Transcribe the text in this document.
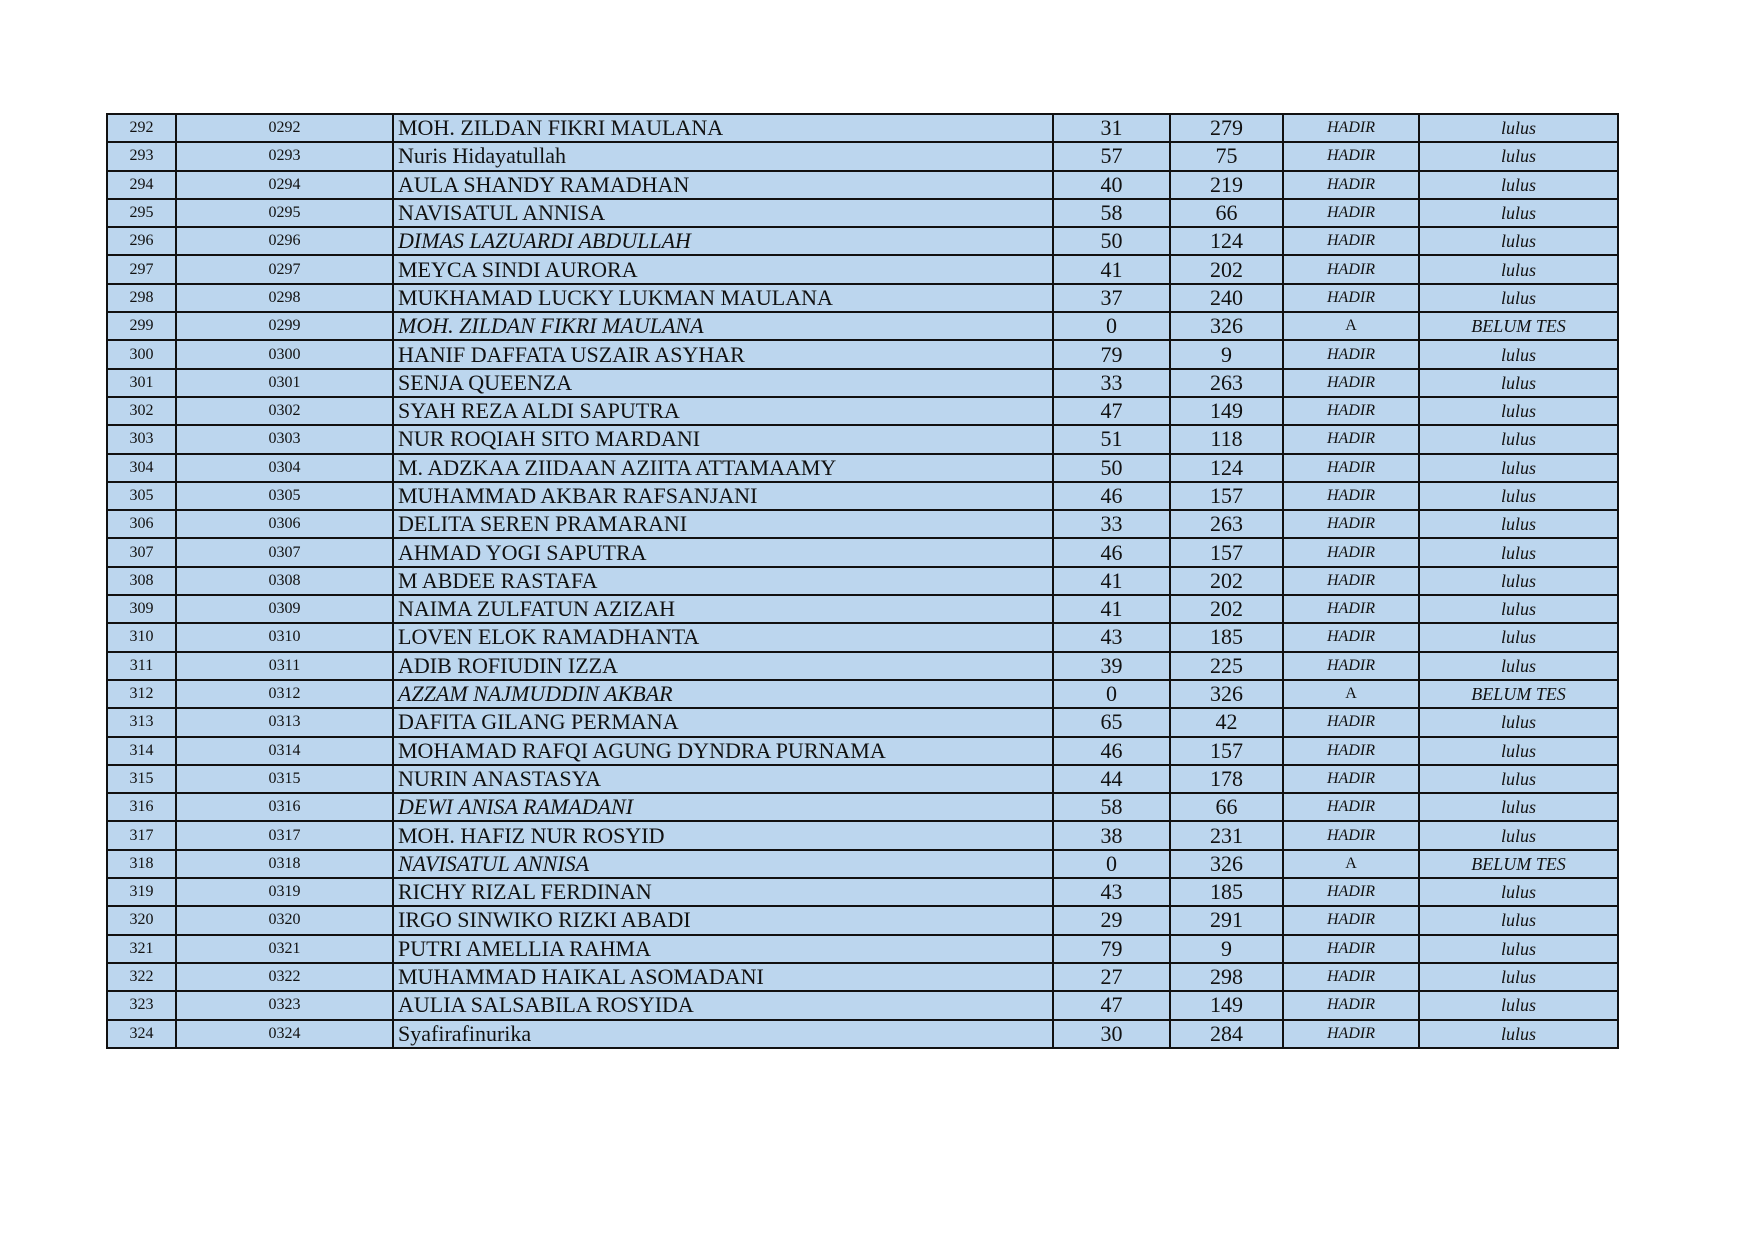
292	0292	MOH. ZILDAN FIKRI MAULANA	31	279	HADIR	lulus
293	0293	Nuris Hidayatullah	57	75	HADIR	lulus
294	0294	AULA SHANDY RAMADHAN	40	219	HADIR	lulus
295	0295	NAVISATUL ANNISA	58	66	HADIR	lulus
296	0296	DIMAS LAZUARDI ABDULLAH	50	124	HADIR	lulus
297	0297	MEYCA SINDI AURORA	41	202	HADIR	lulus
298	0298	MUKHAMAD LUCKY LUKMAN MAULANA	37	240	HADIR	lulus
299	0299	MOH. ZILDAN FIKRI MAULANA	0	326	A	BELUM TES
300	0300	HANIF DAFFATA USZAIR ASYHAR	79	9	HADIR	lulus
301	0301	SENJA QUEENZA	33	263	HADIR	lulus
302	0302	SYAH REZA ALDI SAPUTRA	47	149	HADIR	lulus
303	0303	NUR ROQIAH SITO MARDANI	51	118	HADIR	lulus
304	0304	M. ADZKAA ZIIDAAN AZIITA ATTAMAAMY	50	124	HADIR	lulus
305	0305	MUHAMMAD AKBAR RAFSANJANI	46	157	HADIR	lulus
306	0306	DELITA SEREN PRAMARANI	33	263	HADIR	lulus
307	0307	AHMAD YOGI SAPUTRA	46	157	HADIR	lulus
308	0308	M ABDEE RASTAFA	41	202	HADIR	lulus
309	0309	NAIMA ZULFATUN AZIZAH	41	202	HADIR	lulus
310	0310	LOVEN ELOK RAMADHANTA	43	185	HADIR	lulus
311	0311	ADIB ROFIUDIN IZZA	39	225	HADIR	lulus
312	0312	AZZAM NAJMUDDIN AKBAR	0	326	A	BELUM TES
313	0313	DAFITA GILANG PERMANA	65	42	HADIR	lulus
314	0314	MOHAMAD RAFQI AGUNG DYNDRA PURNAMA	46	157	HADIR	lulus
315	0315	NURIN ANASTASYA	44	178	HADIR	lulus
316	0316	DEWI ANISA RAMADANI	58	66	HADIR	lulus
317	0317	MOH. HAFIZ NUR ROSYID	38	231	HADIR	lulus
318	0318	NAVISATUL ANNISA	0	326	A	BELUM TES
319	0319	RICHY RIZAL FERDINAN	43	185	HADIR	lulus
320	0320	IRGO SINWIKO RIZKI ABADI	29	291	HADIR	lulus
321	0321	PUTRI AMELLIA RAHMA	79	9	HADIR	lulus
322	0322	MUHAMMAD HAIKAL ASOMADANI	27	298	HADIR	lulus
323	0323	AULIA SALSABILA ROSYIDA	47	149	HADIR	lulus
324	0324	Syafirafinurika	30	284	HADIR	lulus
